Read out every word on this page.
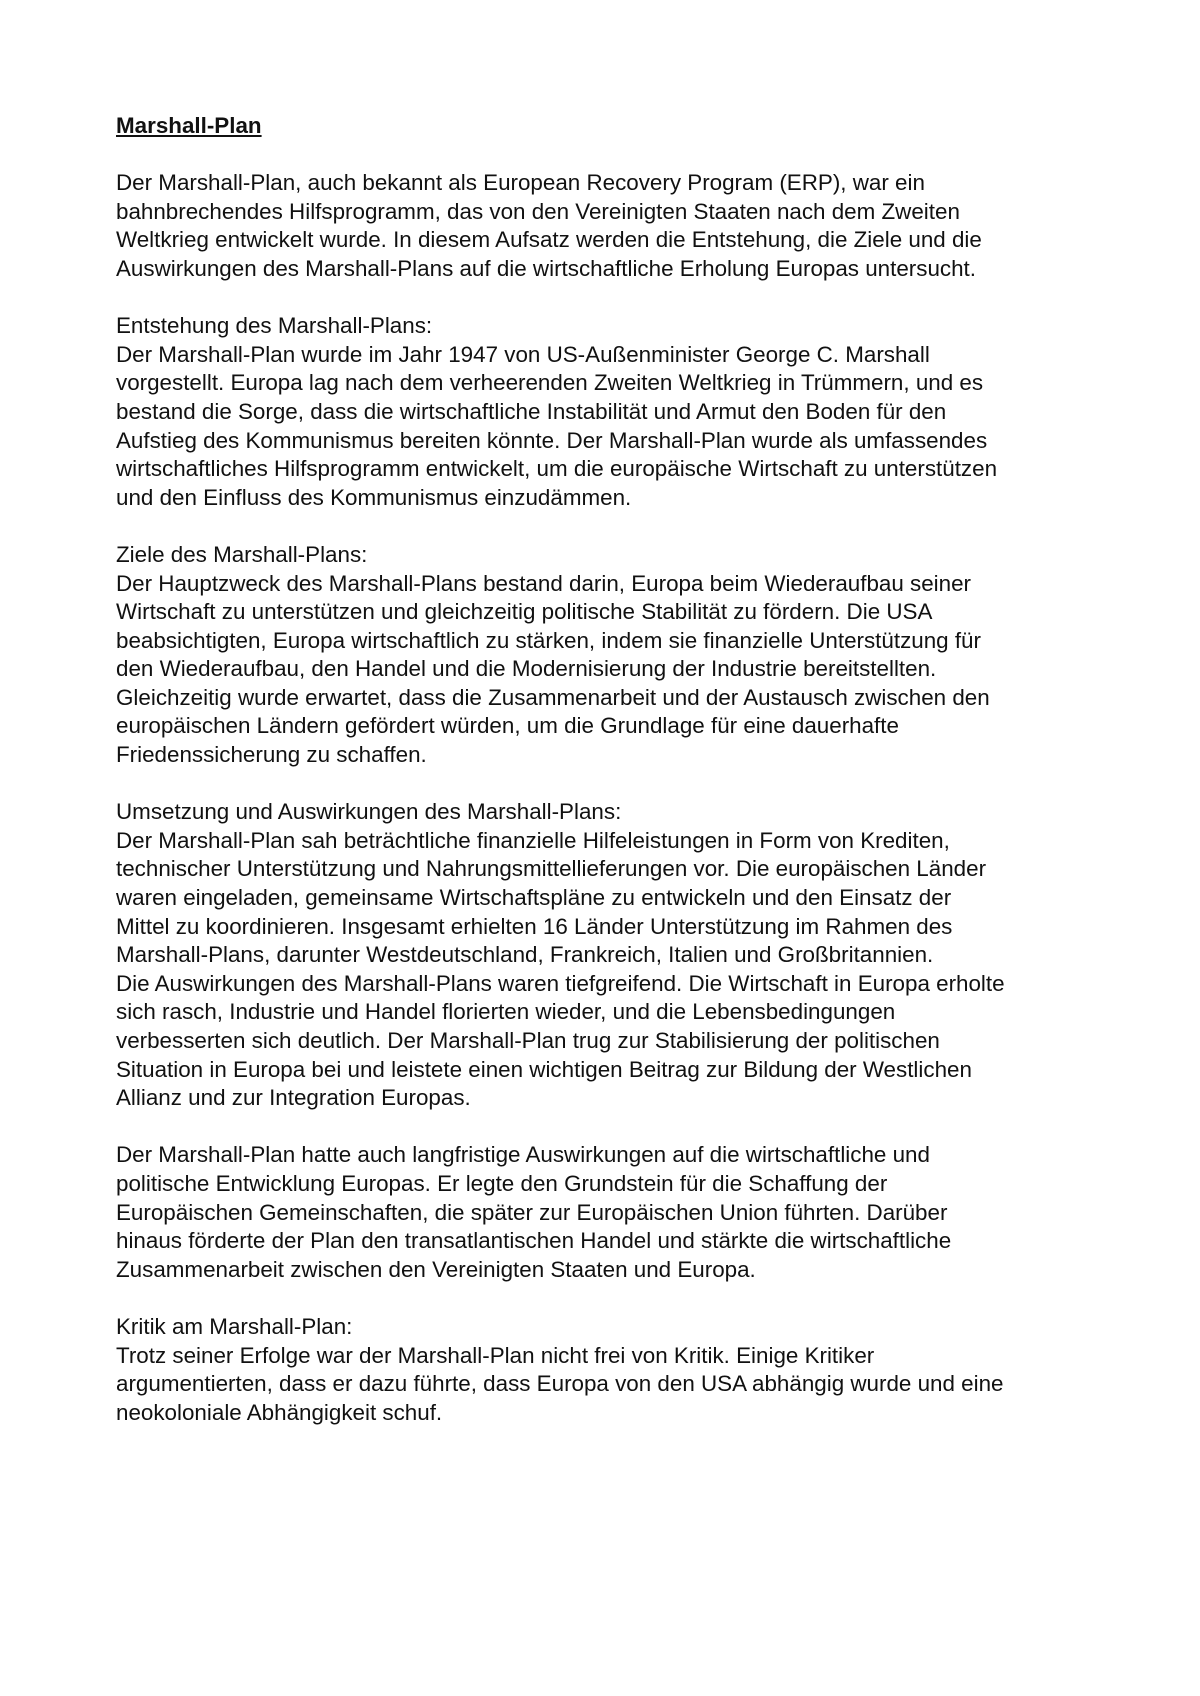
Marshall-Plan
Der Marshall-Plan, auch bekannt als European Recovery Program (ERP), war ein
bahnbrechendes Hilfsprogramm, das von den Vereinigten Staaten nach dem Zweiten
Weltkrieg entwickelt wurde. In diesem Aufsatz werden die Entstehung, die Ziele und die
Auswirkungen des Marshall-Plans auf die wirtschaftliche Erholung Europas untersucht.
Entstehung des Marshall-Plans:
Der Marshall-Plan wurde im Jahr 1947 von US-Außenminister George C. Marshall
vorgestellt. Europa lag nach dem verheerenden Zweiten Weltkrieg in Trümmern, und es
bestand die Sorge, dass die wirtschaftliche Instabilität und Armut den Boden für den
Aufstieg des Kommunismus bereiten könnte. Der Marshall-Plan wurde als umfassendes
wirtschaftliches Hilfsprogramm entwickelt, um die europäische Wirtschaft zu unterstützen
und den Einfluss des Kommunismus einzudämmen.
Ziele des Marshall-Plans:
Der Hauptzweck des Marshall-Plans bestand darin, Europa beim Wiederaufbau seiner
Wirtschaft zu unterstützen und gleichzeitig politische Stabilität zu fördern. Die USA
beabsichtigten, Europa wirtschaftlich zu stärken, indem sie finanzielle Unterstützung für
den Wiederaufbau, den Handel und die Modernisierung der Industrie bereitstellten.
Gleichzeitig wurde erwartet, dass die Zusammenarbeit und der Austausch zwischen den
europäischen Ländern gefördert würden, um die Grundlage für eine dauerhafte
Friedenssicherung zu schaffen.
Umsetzung und Auswirkungen des Marshall-Plans:
Der Marshall-Plan sah beträchtliche finanzielle Hilfeleistungen in Form von Krediten,
technischer Unterstützung und Nahrungsmittellieferungen vor. Die europäischen Länder
waren eingeladen, gemeinsame Wirtschaftspläne zu entwickeln und den Einsatz der
Mittel zu koordinieren. Insgesamt erhielten 16 Länder Unterstützung im Rahmen des
Marshall-Plans, darunter Westdeutschland, Frankreich, Italien und Großbritannien.
Die Auswirkungen des Marshall-Plans waren tiefgreifend. Die Wirtschaft in Europa erholte
sich rasch, Industrie und Handel florierten wieder, und die Lebensbedingungen
verbesserten sich deutlich. Der Marshall-Plan trug zur Stabilisierung der politischen
Situation in Europa bei und leistete einen wichtigen Beitrag zur Bildung der Westlichen
Allianz und zur Integration Europas.
Der Marshall-Plan hatte auch langfristige Auswirkungen auf die wirtschaftliche und
politische Entwicklung Europas. Er legte den Grundstein für die Schaffung der
Europäischen Gemeinschaften, die später zur Europäischen Union führten. Darüber
hinaus förderte der Plan den transatlantischen Handel und stärkte die wirtschaftliche
Zusammenarbeit zwischen den Vereinigten Staaten und Europa.
Kritik am Marshall-Plan:
Trotz seiner Erfolge war der Marshall-Plan nicht frei von Kritik. Einige Kritiker
argumentierten, dass er dazu führte, dass Europa von den USA abhängig wurde und eine
neokoloniale Abhängigkeit schuf.
